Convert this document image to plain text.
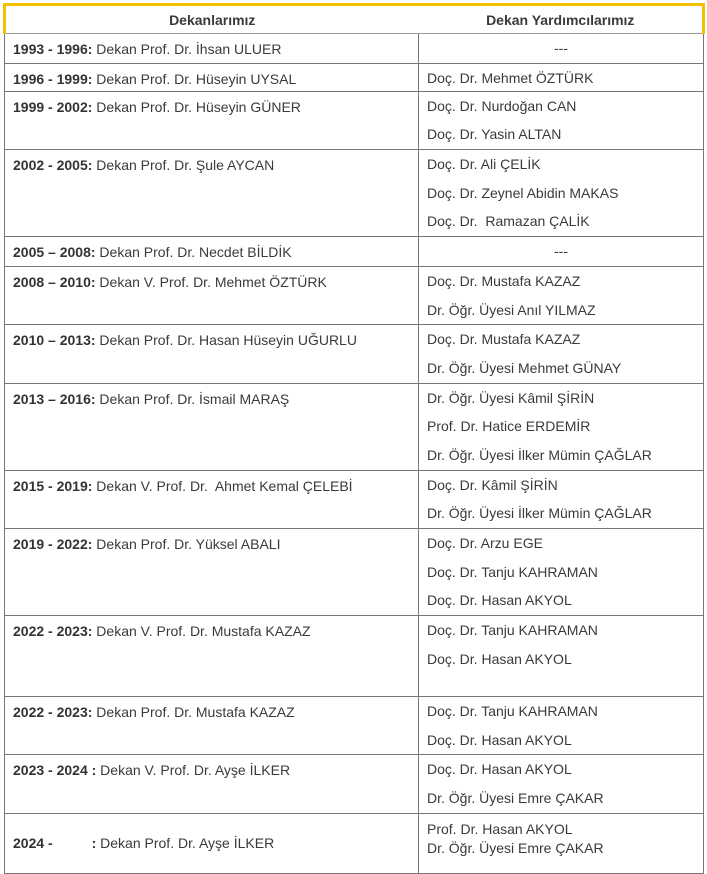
Dekanlarımız	Dekan Yardımcılarımız
1993 - 1996: Dekan Prof. Dr. İhsan ULUER	---

1996 - 1999: Dekan Prof. Dr. Hüseyin UYSAL	Doç. Dr. Mehmet ÖZTÜRK

1999 - 2002: Dekan Prof. Dr. Hüseyin GÜNER	Doç. Dr. Nurdoğan CAN
Doç. Dr. Yasin ALTAN

2002 - 2005: Dekan Prof. Dr. Şule AYCAN	Doç. Dr. Ali ÇELİK
Doç. Dr. Zeynel Abidin MAKAS
Doç. Dr.  Ramazan ÇALİK

2005 – 2008: Dekan Prof. Dr. Necdet BİLDİK	---

2008 – 2010: Dekan V. Prof. Dr. Mehmet ÖZTÜRK	Doç. Dr. Mustafa KAZAZ
Dr. Öğr. Üyesi Anıl YILMAZ

2010 – 2013: Dekan Prof. Dr. Hasan Hüseyin UĞURLU	Doç. Dr. Mustafa KAZAZ
Dr. Öğr. Üyesi Mehmet GÜNAY

2013 – 2016: Dekan Prof. Dr. İsmail MARAŞ	Dr. Öğr. Üyesi Kâmil ŞİRİN
Prof. Dr. Hatice ERDEMİR
Dr. Öğr. Üyesi İlker Mümin ÇAĞLAR

2015 - 2019: Dekan V. Prof. Dr.  Ahmet Kemal ÇELEBİ	Doç. Dr. Kâmil ŞİRİN
Dr. Öğr. Üyesi İlker Mümin ÇAĞLAR

2019 - 2022: Dekan Prof. Dr. Yüksel ABALI	Doç. Dr. Arzu EGE
Doç. Dr. Tanju KAHRAMAN
Doç. Dr. Hasan AKYOL

2022 - 2023: Dekan V. Prof. Dr. Mustafa KAZAZ	Doç. Dr. Tanju KAHRAMAN
Doç. Dr. Hasan AKYOL

2022 - 2023: Dekan Prof. Dr. Mustafa KAZAZ	Doç. Dr. Tanju KAHRAMAN
Doç. Dr. Hasan AKYOL

2023 - 2024 : Dekan V. Prof. Dr. Ayşe İLKER	Doç. Dr. Hasan AKYOL
Dr. Öğr. Üyesi Emre ÇAKAR

2024 -          : Dekan Prof. Dr. Ayşe İLKER	Prof. Dr. Hasan AKYOL
Dr. Öğr. Üyesi Emre ÇAKAR
